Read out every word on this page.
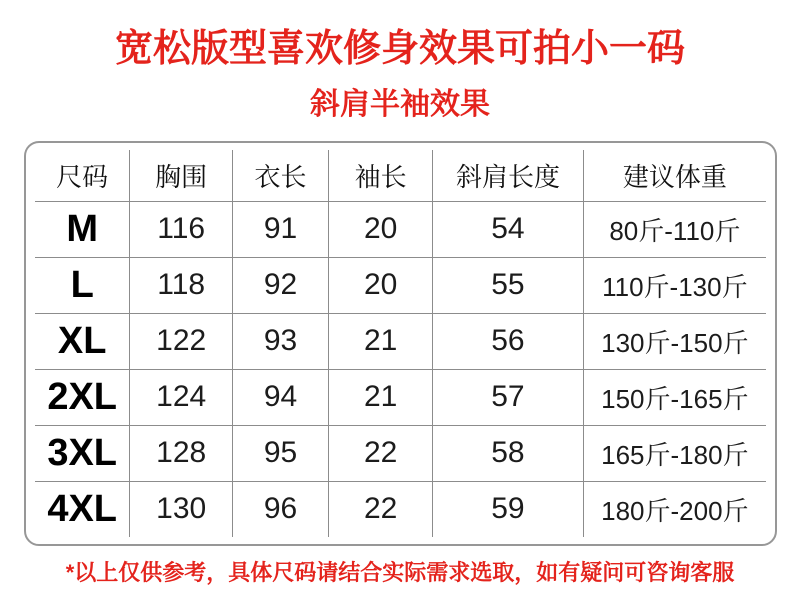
宽松版型喜欢修身效果可拍小一码
斜肩半袖效果
尺码	胸围	衣长	袖长	斜肩长度	建议体重
M	116	91	20	54	80斤-110斤
L	118	92	20	55	110斤-130斤
XL	122	93	21	56	130斤-150斤
2XL	124	94	21	57	150斤-165斤
3XL	128	95	22	58	165斤-180斤
4XL	130	96	22	59	180斤-200斤

*以上仅供参考，具体尺码请结合实际需求选取，如有疑问可咨询客服
